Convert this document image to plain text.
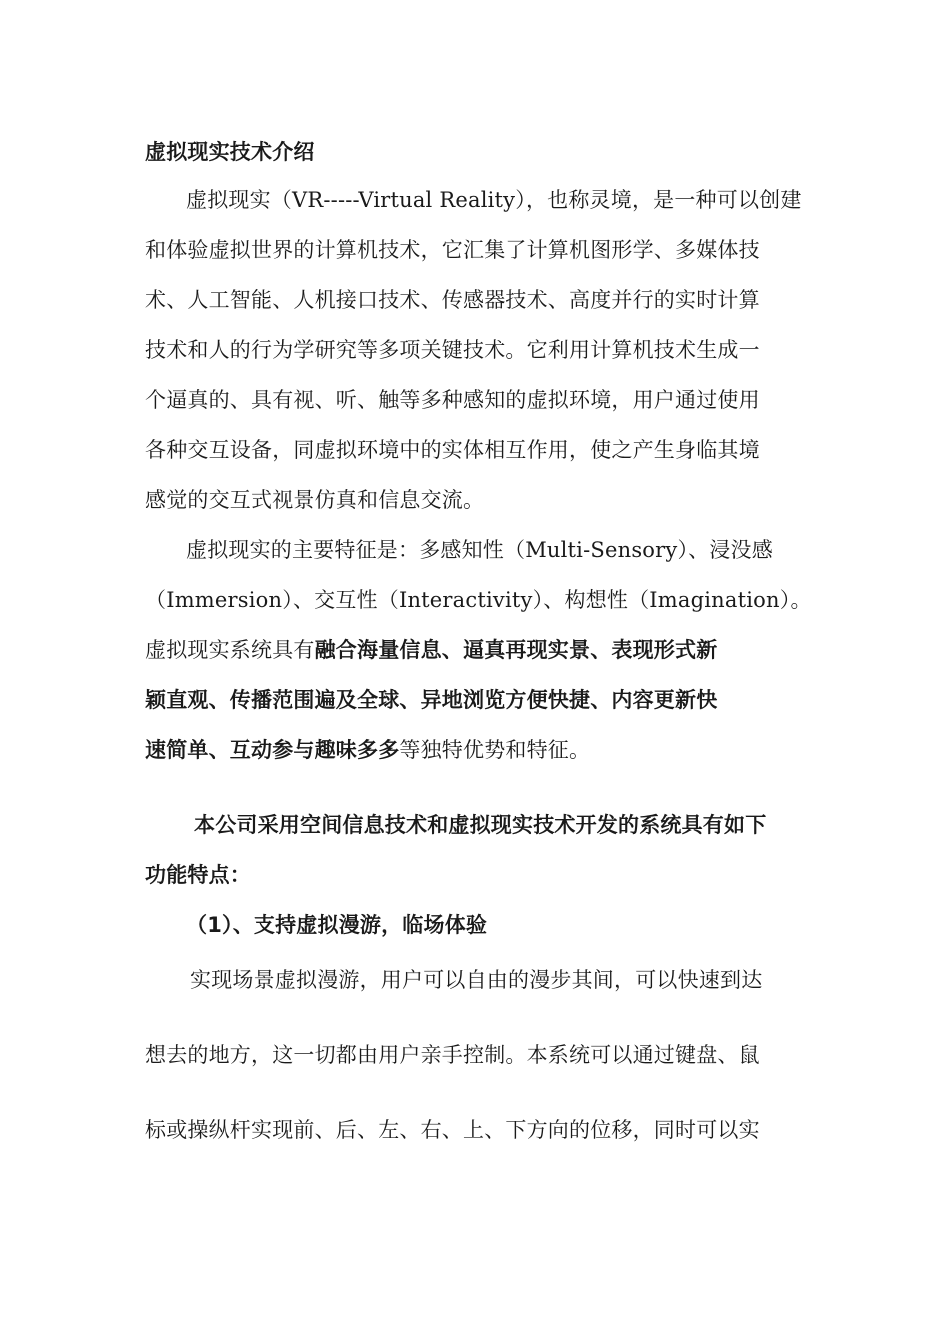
虚拟现实技术介绍
虚拟现实（VR-----Virtual Reality），也称灵境，是一种可以创建
和体验虚拟世界的计算机技术，它汇集了计算机图形学、多媒体技
术、人工智能、人机接口技术、传感器技术、高度并行的实时计算
技术和人的行为学研究等多项关键技术。它利用计算机技术生成一
个逼真的、具有视、听、触等多种感知的虚拟环境，用户通过使用
各种交互设备，同虚拟环境中的实体相互作用，使之产生身临其境
感觉的交互式视景仿真和信息交流。
虚拟现实的主要特征是：多感知性（Multi-Sensory）、浸没感
（Immersion）、交互性（Interactivity）、构想性（Imagination）。
虚拟现实系统具有融合海量信息、逼真再现实景、表现形式新
颖直观、传播范围遍及全球、异地浏览方便快捷、内容更新快
速简单、互动参与趣味多多等独特优势和特征。
本公司采用空间信息技术和虚拟现实技术开发的系统具有如下
功能特点：
（1）、支持虚拟漫游，临场体验
实现场景虚拟漫游，用户可以自由的漫步其间，可以快速到达
想去的地方，这一切都由用户亲手控制。本系统可以通过键盘、鼠
标或操纵杆实现前、后、左、右、上、下方向的位移，同时可以实
